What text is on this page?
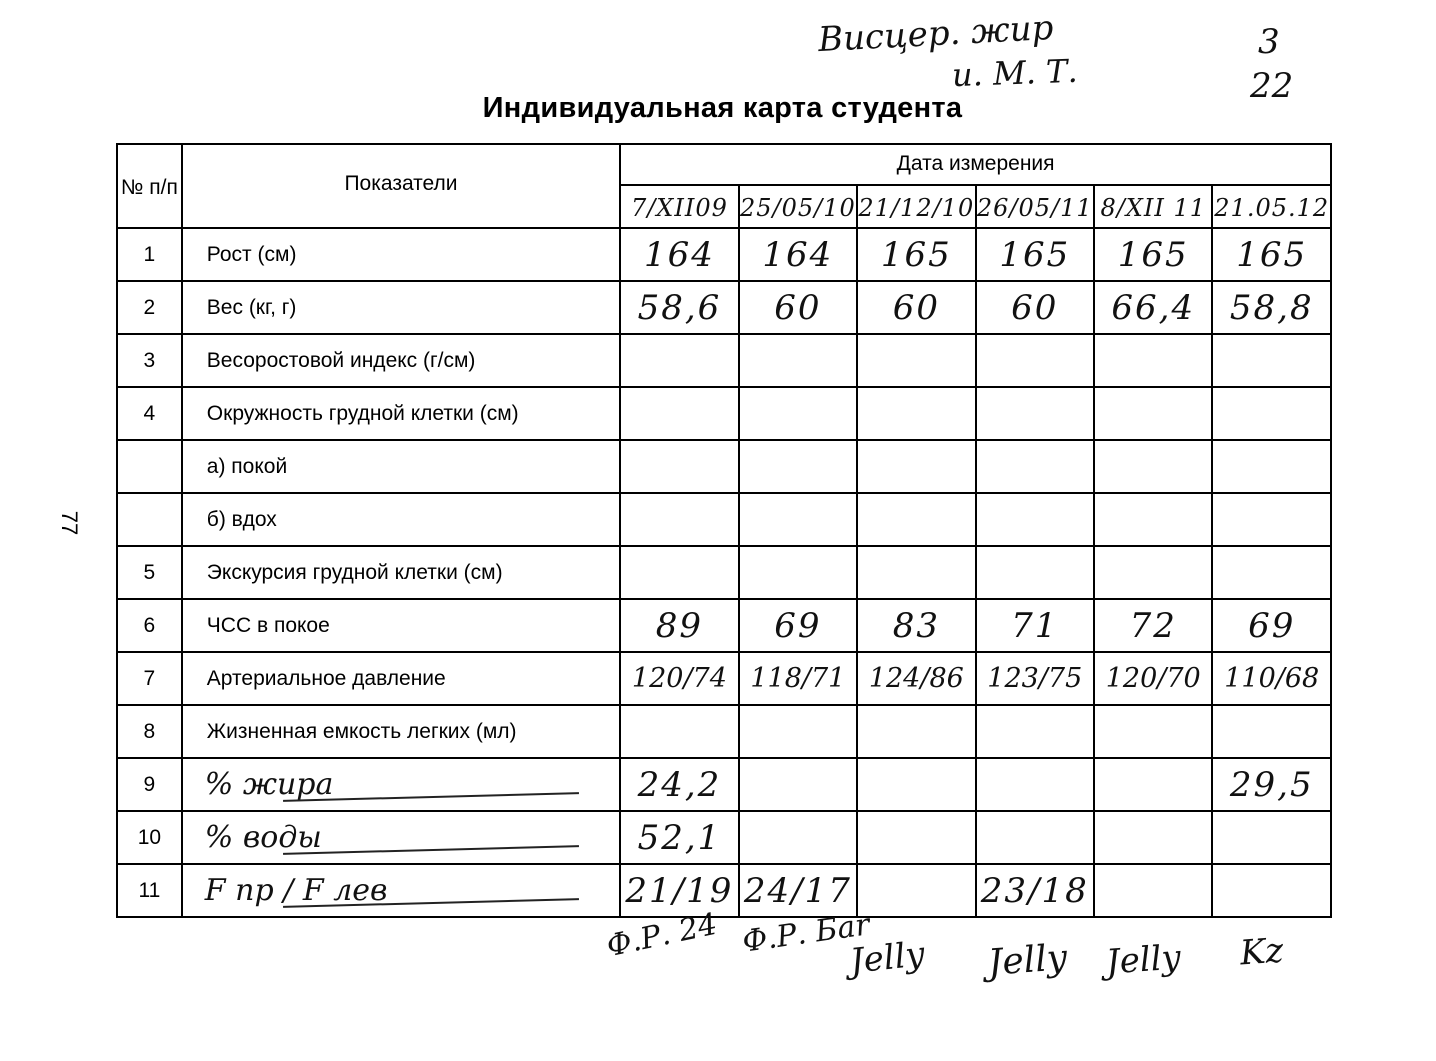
Висцер. жир
и. М. Т.
3
22
77
Индивидуальная карта студента
№ п/п	Показатели	Дата измерения					

		7/XII09	25/05/10	21/12/10	26/05/11	8/XII 11	21.05.12

1	Рост (см)	164	164	165	165	165	165

2	Вес (кг, г)	58,6	60	60	60	66,4	58,8

3	Весоростовой индекс (г/см)	

4	Окружность грудной клетки (см)	

	а) покой	

	б) вдох	

5	Экскурсия грудной клетки (см)	

6	ЧСС в покое	89	69	83	71	72	69

7	Артериальное давление	120/74	118/71	124/86	123/75	120/70	110/68

8	Жизненная емкость легких (мл)	

9	% жира	24,2					29,5

10	% воды	52,1					

11	F пр / F лев	21/19	24/17		23/18		

Ф.Р. 24 Ф.Р. Баr
Jelly Jelly Jelly Kz
